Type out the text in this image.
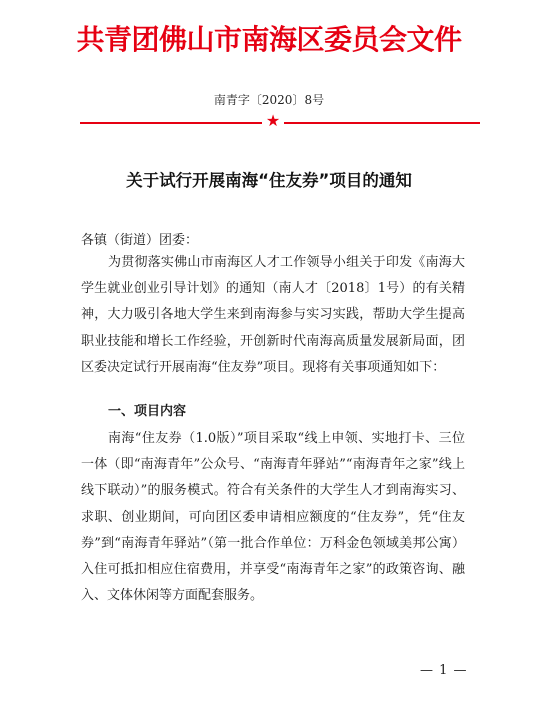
共青团佛山市南海区委员会文件
南青字〔2020〕8号
★
关于试行开展南海“住友券”项目的通知
各镇（街道）团委：

为贯彻落实佛山市南海区人才工作领导小组关于印发《南海大学生就业创业引导计划》的通知（南人才〔2018〕1号）的有关精神，大力吸引各地大学生来到南海参与实习实践，帮助大学生提高职业技能和增长工作经验，开创新时代南海高质量发展新局面，团区委决定试行开展南海“住友券”项目。现将有关事项通知如下：

一、项目内容

南海“住友券（1.0版）”项目采取“线上申领、实地打卡、三位一体（即“南海青年”公众号、“南海青年驿站”“南海青年之家”线上线下联动）”的服务模式。符合有关条件的大学生人才到南海实习、求职、创业期间，可向团区委申请相应额度的“住友券”，凭“住友券”到“南海青年驿站”（第一批合作单位：万科金色领域美邦公寓）入住可抵扣相应住宿费用，并享受“南海青年之家”的政策咨询、融入、文体休闲等方面配套服务。

— 1 —
